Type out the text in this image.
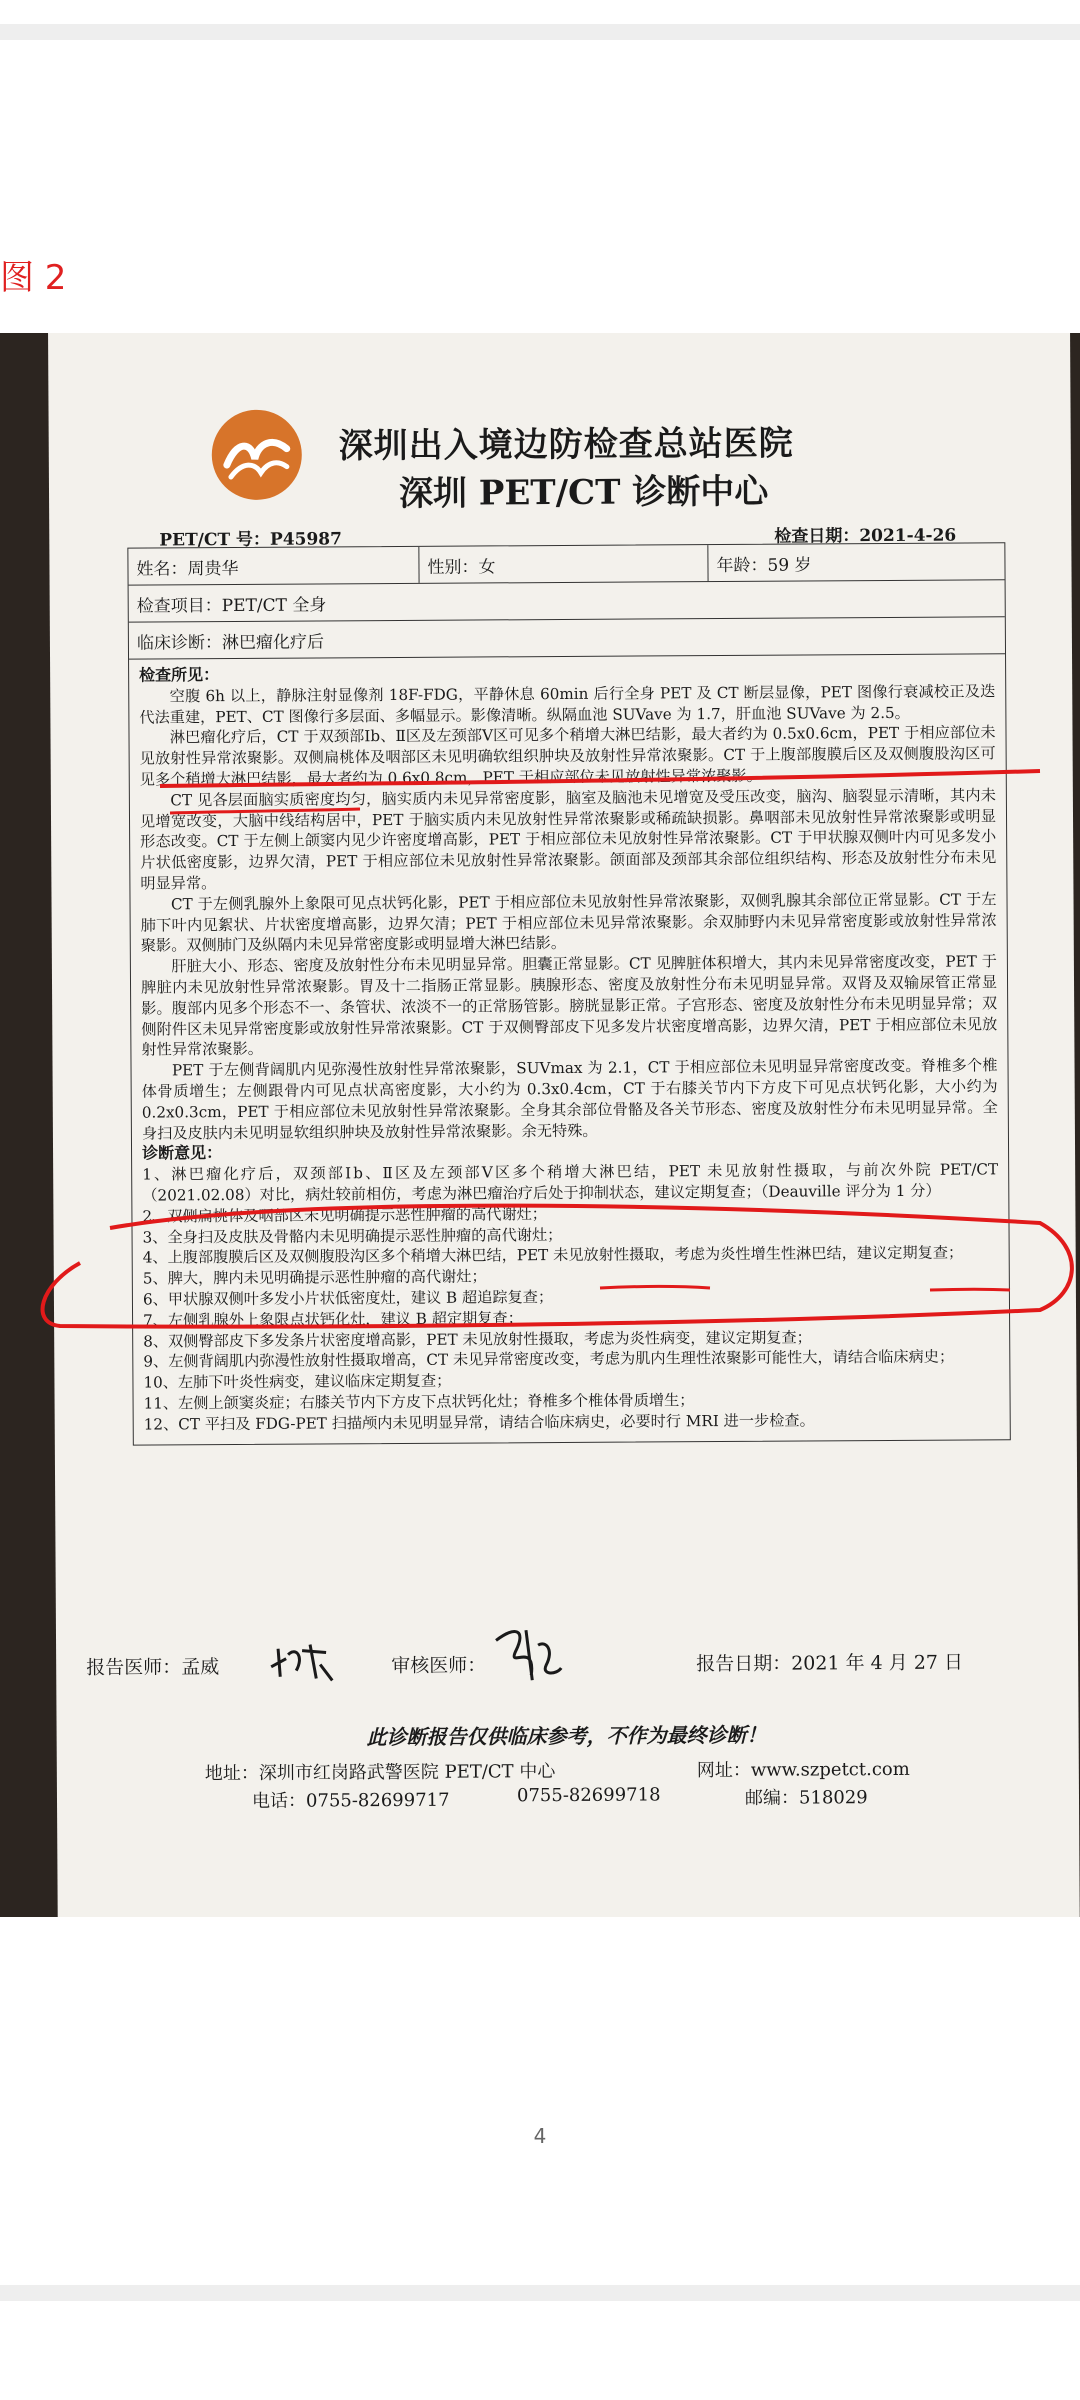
图 2
深圳出入境边防检查总站医院
深圳 PET/CT 诊断中心
PET/CT 号：P45987	检查日期：2021-4-26
姓名：周贵华	性别：女	年龄：59 岁
检查项目：PET/CT 全身
临床诊断：淋巴瘤化疗后
检查所见：

空腹 6h 以上，静脉注射显像剂 18F-FDG，平静休息 60min 后行全身 PET 及 CT 断层显像，PET 图像行衰减校正及迭代法重建，PET、CT 图像行多层面、多幅显示。影像清晰。纵隔血池 SUVave 为 1.7，肝血池 SUVave 为 2.5。

淋巴瘤化疗后，CT 于双颈部Ⅰb、Ⅱ区及左颈部Ⅴ区可见多个稍增大淋巴结影，最大者约为 0.5x0.6cm，PET 于相应部位未见放射性异常浓聚影。双侧扁桃体及咽部区未见明确软组织肿块及放射性异常浓聚影。CT 于上腹部腹膜后区及双侧腹股沟区可见多个稍增大淋巴结影，最大者约为 0.6x0.8cm，PET 于相应部位未见放射性异常浓聚影。

CT 见各层面脑实质密度均匀，脑实质内未见异常密度影，脑室及脑池未见增宽及受压改变，脑沟、脑裂显示清晰，其内未见增宽改变，大脑中线结构居中，PET 于脑实质内未见放射性异常浓聚影或稀疏缺损影。鼻咽部未见放射性异常浓聚影或明显形态改变。CT 于左侧上颌窦内见少许密度增高影，PET 于相应部位未见放射性异常浓聚影。CT 于甲状腺双侧叶内可见多发小片状低密度影，边界欠清，PET 于相应部位未见放射性异常浓聚影。颌面部及颈部其余部位组织结构、形态及放射性分布未见明显异常。

CT 于左侧乳腺外上象限可见点状钙化影，PET 于相应部位未见放射性异常浓聚影，双侧乳腺其余部位正常显影。CT 于左肺下叶内见絮状、片状密度增高影，边界欠清；PET 于相应部位未见异常浓聚影。余双肺野内未见异常密度影或放射性异常浓聚影。双侧肺门及纵隔内未见异常密度影或明显增大淋巴结影。

肝脏大小、形态、密度及放射性分布未见明显异常。胆囊正常显影。CT 见脾脏体积增大，其内未见异常密度改变，PET 于脾脏内未见放射性异常浓聚影。胃及十二指肠正常显影。胰腺形态、密度及放射性分布未见明显异常。双肾及双输尿管正常显影。腹部内见多个形态不一、条管状、浓淡不一的正常肠管影。膀胱显影正常。子宫形态、密度及放射性分布未见明显异常；双侧附件区未见异常密度影或放射性异常浓聚影。CT 于双侧臀部皮下见多发片状密度增高影，边界欠清，PET 于相应部位未见放射性异常浓聚影。

PET 于左侧背阔肌内见弥漫性放射性异常浓聚影，SUVmax 为 2.1，CT 于相应部位未见明显异常密度改变。脊椎多个椎体骨质增生；左侧跟骨内可见点状高密度影，大小约为 0.3x0.4cm，CT 于右膝关节内下方皮下可见点状钙化影，大小约为 0.2x0.3cm，PET 于相应部位未见放射性异常浓聚影。全身其余部位骨骼及各关节形态、密度及放射性分布未见明显异常。全身扫及皮肤内未见明显软组织肿块及放射性异常浓聚影。余无特殊。

诊断意见：

1、淋巴瘤化疗后，双颈部Ⅰb、Ⅱ区及左颈部Ⅴ区多个稍增大淋巴结，PET 未见放射性摄取，与前次外院 PET/CT（2021.02.08）对比，病灶较前相仿，考虑为淋巴瘤治疗后处于抑制状态，建议定期复查；（Deauville 评分为 1 分）

2、双侧扁桃体及咽部区未见明确提示恶性肿瘤的高代谢灶；

3、全身扫及皮肤及骨骼内未见明确提示恶性肿瘤的高代谢灶；

4、上腹部腹膜后区及双侧腹股沟区多个稍增大淋巴结，PET 未见放射性摄取，考虑为炎性增生性淋巴结，建议定期复查；

5、脾大，脾内未见明确提示恶性肿瘤的高代谢灶；

6、甲状腺双侧叶多发小片状低密度灶，建议 B 超追踪复查；

7、左侧乳腺外上象限点状钙化灶，建议 B 超定期复查；

8、双侧臀部皮下多发条片状密度增高影，PET 未见放射性摄取，考虑为炎性病变，建议定期复查；

9、左侧背阔肌内弥漫性放射性摄取增高，CT 未见异常密度改变，考虑为肌内生理性浓聚影可能性大，请结合临床病史；

10、左肺下叶炎性病变，建议临床定期复查；

11、左侧上颌窦炎症；右膝关节内下方皮下点状钙化灶；脊椎多个椎体骨质增生；

12、CT 平扫及 FDG-PET 扫描颅内未见明显异常，请结合临床病史，必要时行 MRI 进一步检查。

报告医师：孟威	审核医师：	报告日期：2021 年 4 月 27 日
此诊断报告仅供临床参考，不作为最终诊断！
地址：深圳市红岗路武警医院 PET/CT 中心	网址：www.szpetct.com
电话：0755-82699717	0755-82699718	邮编：518029
4
